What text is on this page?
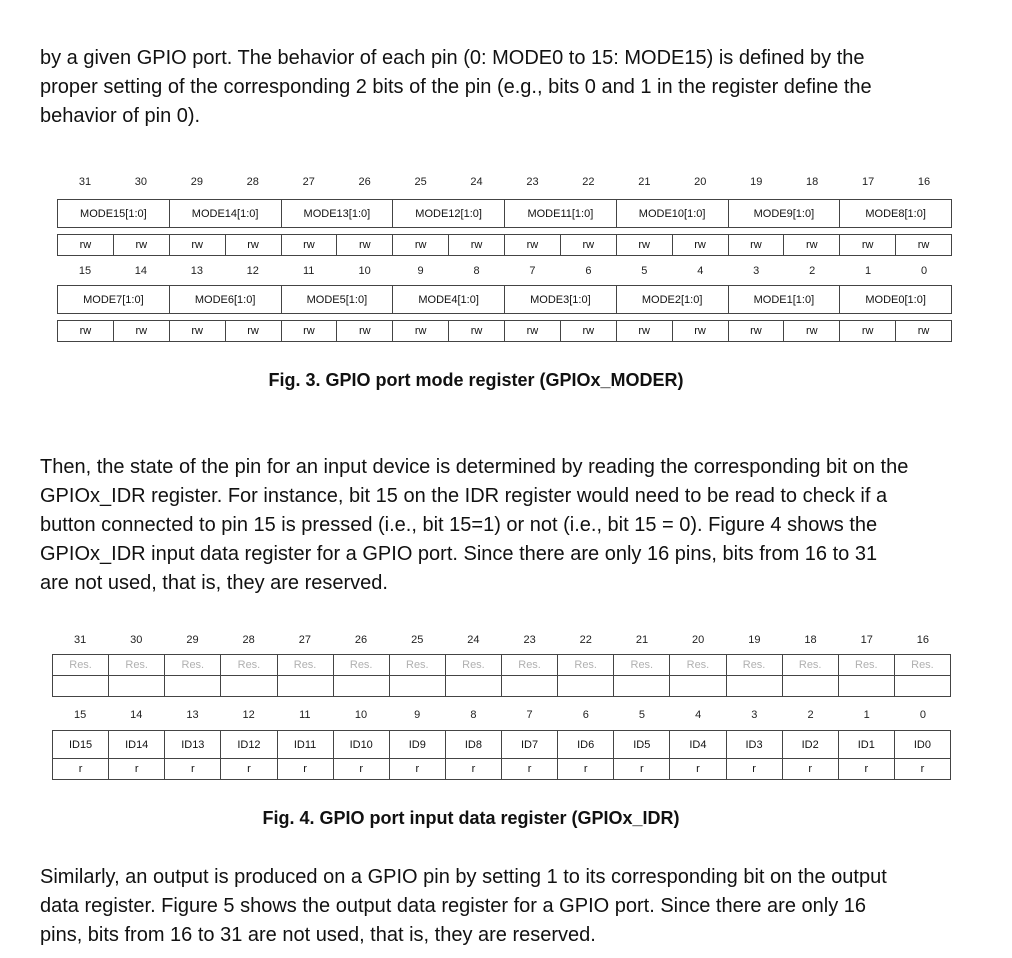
by a given GPIO port. The behavior of each pin (0: MODE0 to 15: MODE15) is defined by the proper setting of the corresponding 2 bits of the pin (e.g., bits 0 and 1 in the register define the behavior of pin 0).

31	30	29	28	27	26	25	24	23	22	21	20	19	18	17	16
MODE15[1:0]		MODE14[1:0]		MODE13[1:0]		MODE12[1:0]		MODE11[1:0]		MODE10[1:0]		MODE9[1:0]		MODE8[1:0]	

rw	rw	rw	rw	rw	rw	rw	rw	rw	rw	rw	rw	rw	rw	rw	rw
15	14	13	12	11	10	9	8	7	6	5	4	3	2	1	0
MODE7[1:0]		MODE6[1:0]		MODE5[1:0]		MODE4[1:0]		MODE3[1:0]		MODE2[1:0]		MODE1[1:0]		MODE0[1:0]	

rw	rw	rw	rw	rw	rw	rw	rw	rw	rw	rw	rw	rw	rw	rw	rw

Fig. 3. GPIO port mode register (GPIOx_MODER)

Then, the state of the pin for an input device is determined by reading the corresponding bit on the GPIOx_IDR register. For instance, bit 15 on the IDR register would need to be read to check if a button connected to pin 15 is pressed (i.e., bit 15=1) or not (i.e., bit 15 = 0). Figure 4 shows the GPIOx_IDR input data register for a GPIO port. Since there are only 16 pins, bits from 16 to 31 are not used, that is, they are reserved.

31	30	29	28	27	26	25	24	23	22	21	20	19	18	17	16
Res.	Res.	Res.	Res.	Res.	Res.	Res.	Res.	Res.	Res.	Res.	Res.	Res.	Res.	Res.	Res.

15	14	13	12	11	10	9	8	7	6	5	4	3	2	1	0
ID15	ID14	ID13	ID12	ID11	ID10	ID9	ID8	ID7	ID6	ID5	ID4	ID3	ID2	ID1	ID0
r	r	r	r	r	r	r	r	r	r	r	r	r	r	r	r

Fig. 4. GPIO port input data register (GPIOx_IDR)

Similarly, an output is produced on a GPIO pin by setting 1 to its corresponding bit on the output data register. Figure 5 shows the output data register for a GPIO port. Since there are only 16 pins, bits from 16 to 31 are not used, that is, they are reserved.
